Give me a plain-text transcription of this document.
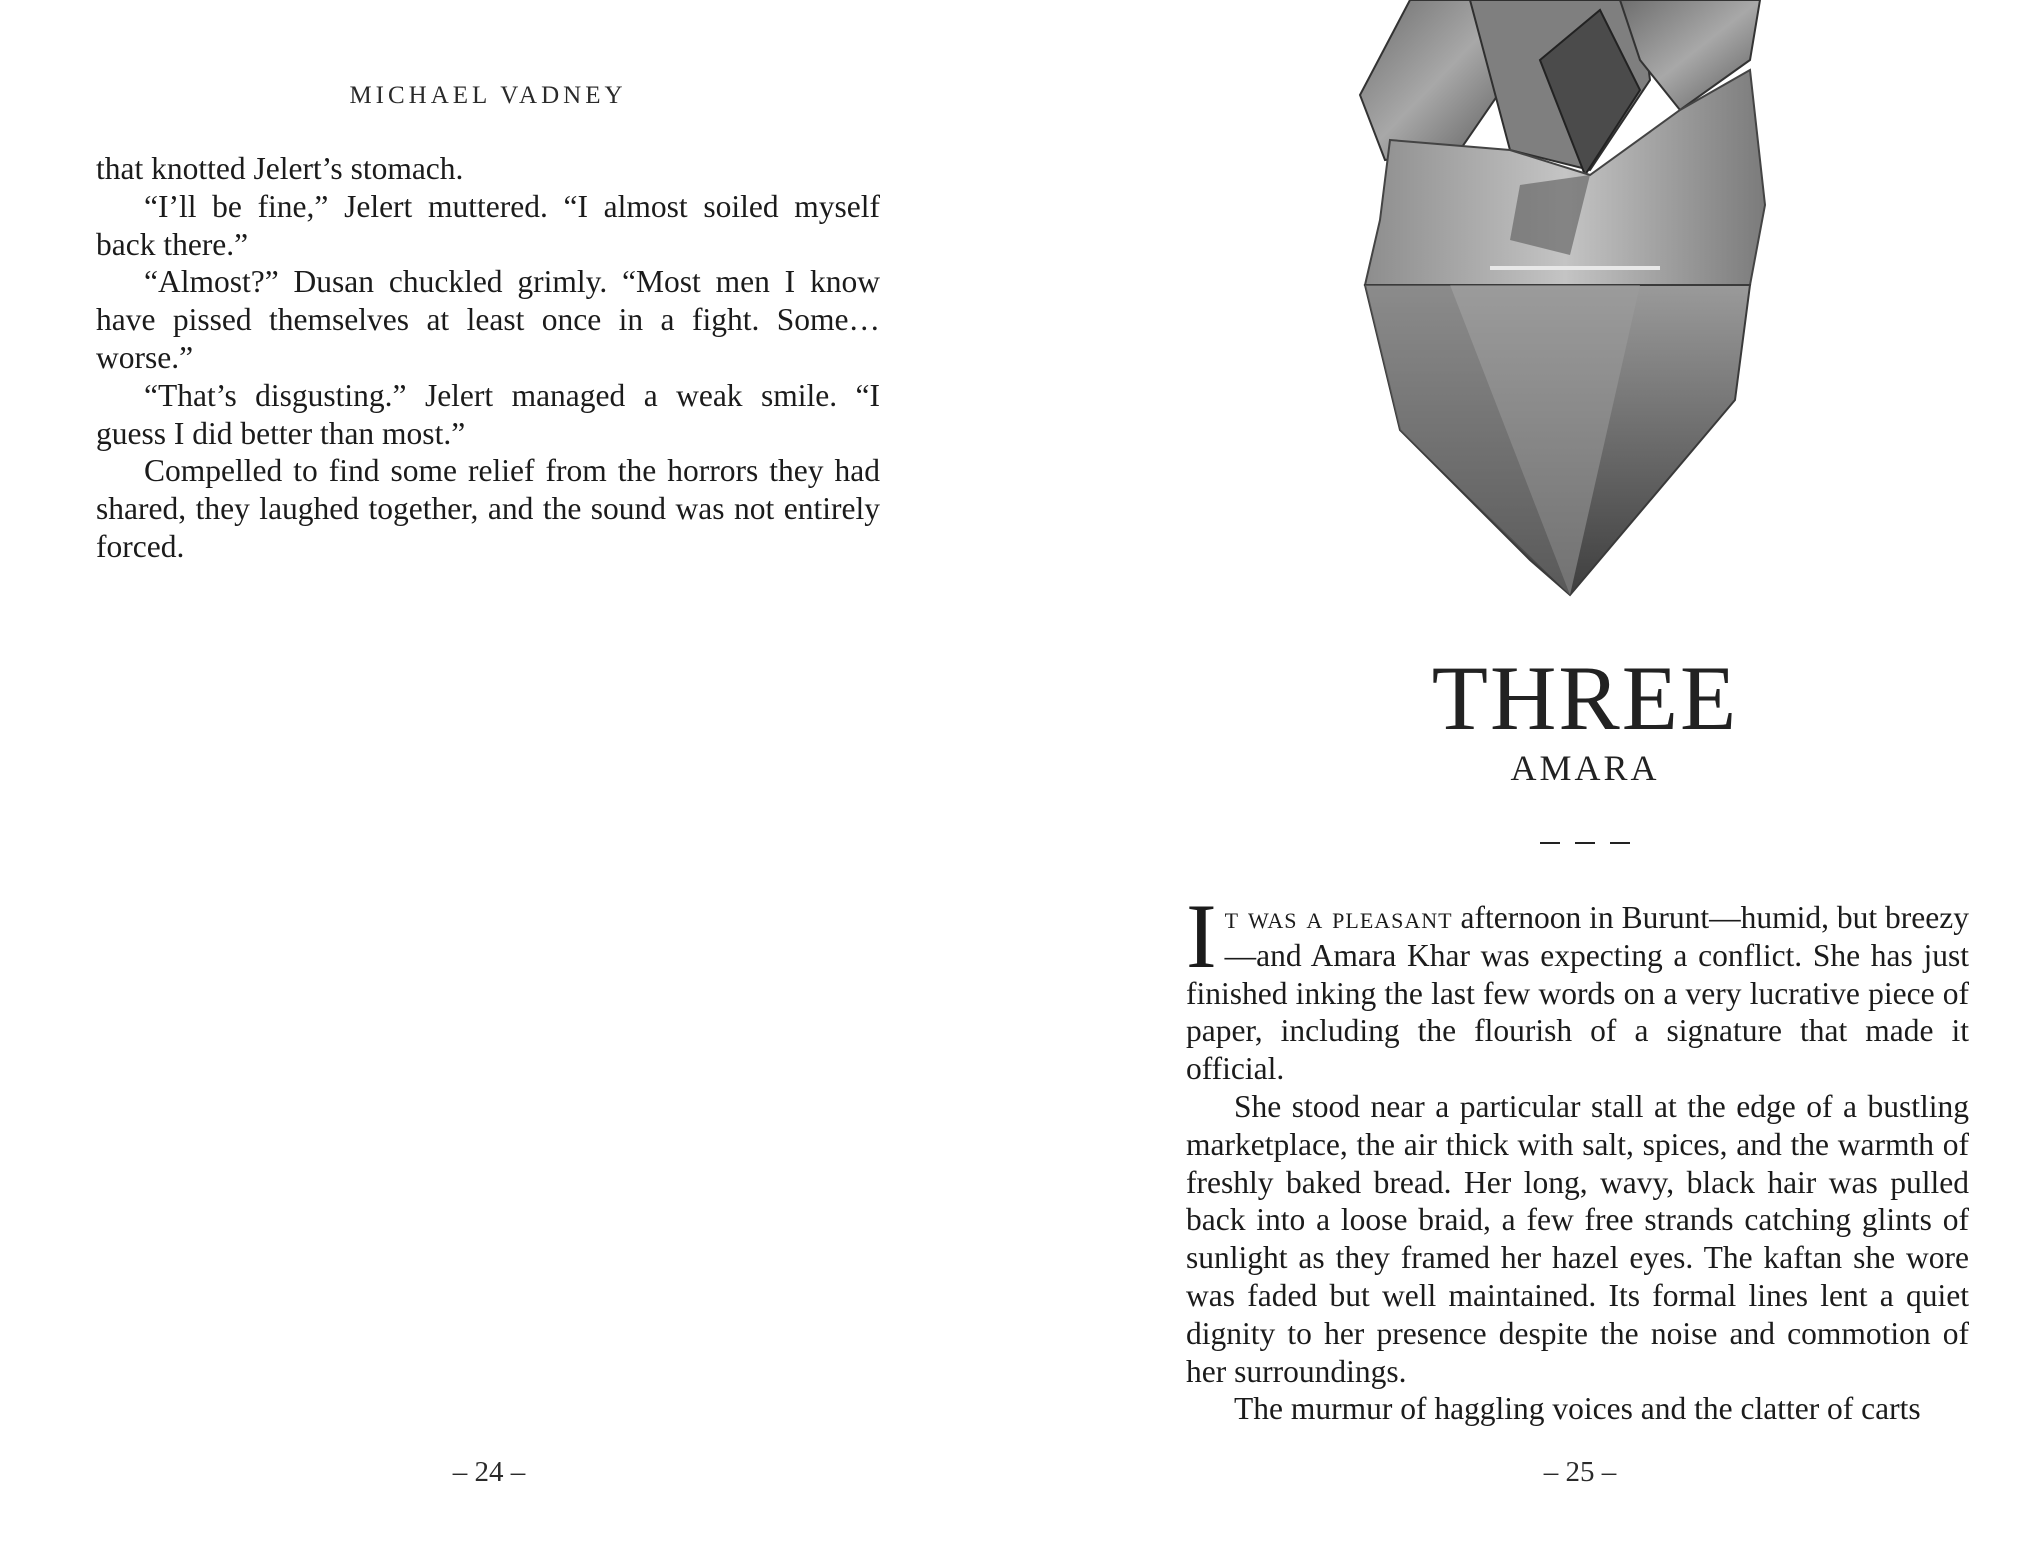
MICHAEL VADNEY

that knotted Jelert’s stomach.

“I’ll be fine,” Jelert muttered. “I almost soiled myself back there.”

“Almost?” Dusan chuckled grimly. “Most men I know have pissed themselves at least once in a fight. Some… worse.”

“That’s disgusting.” Jelert managed a weak smile. “I guess I did better than most.”

Compelled to find some relief from the horrors they had shared, they laughed together, and the sound was not entirely forced.

– 24 –
THREE
AMARA

It was a pleasant afternoon in Burunt—humid, but breezy—and Amara Khar was expecting a conflict. She has just finished inking the last few words on a very lucrative piece of paper, including the flourish of a signature that made it official.

She stood near a particular stall at the edge of a bustling marketplace, the air thick with salt, spices, and the warmth of freshly baked bread. Her long, wavy, black hair was pulled back into a loose braid, a few free strands catching glints of sunlight as they framed her hazel eyes. The kaftan she wore was faded but well maintained. Its formal lines lent a quiet dignity to her presence despite the noise and commotion of her surroundings.

The murmur of haggling voices and the clatter of carts

– 25 –
